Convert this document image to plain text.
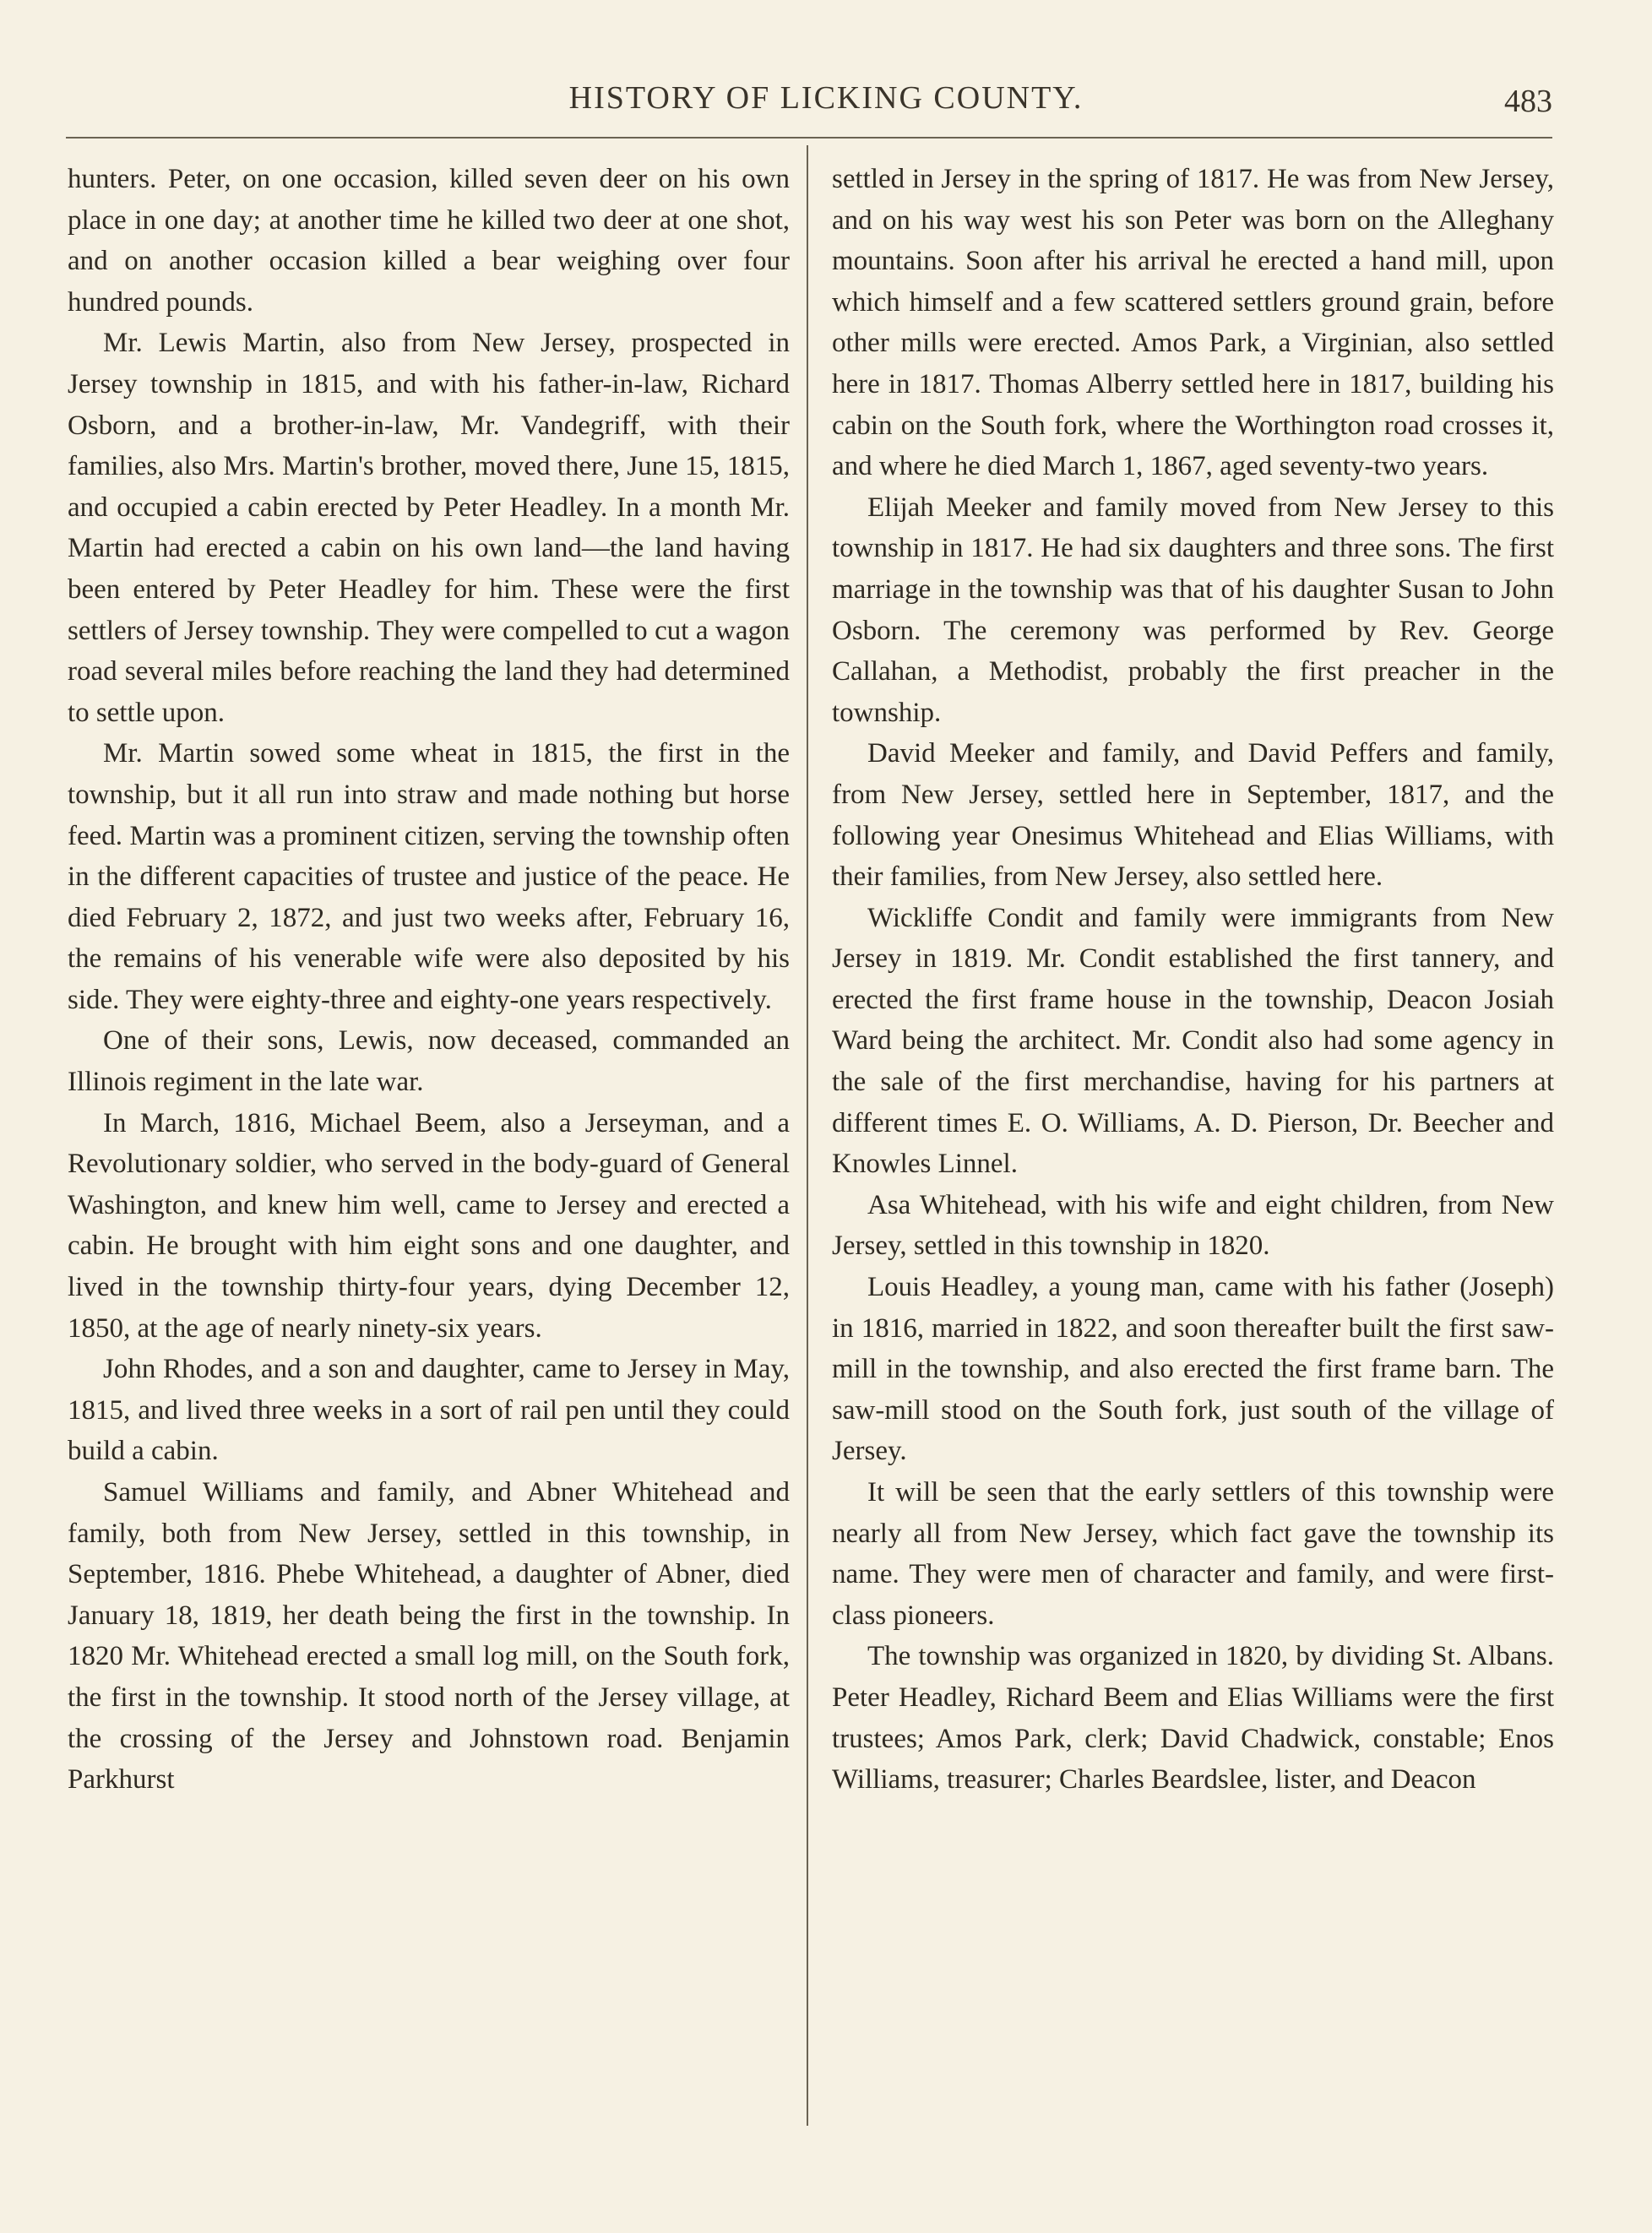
HISTORY OF LICKING COUNTY.	483

hunters. Peter, on one occasion, killed seven deer on his own place in one day; at another time he killed two deer at one shot, and on another occasion killed a bear weighing over four hundred pounds.

Mr. Lewis Martin, also from New Jersey, prospected in Jersey township in 1815, and with his father-in-law, Richard Osborn, and a brother-in-law, Mr. Vandegriff, with their families, also Mrs. Martin's brother, moved there, June 15, 1815, and occupied a cabin erected by Peter Headley. In a month Mr. Martin had erected a cabin on his own land—the land having been entered by Peter Headley for him. These were the first settlers of Jersey township. They were compelled to cut a wagon road several miles before reaching the land they had determined to settle upon.

Mr. Martin sowed some wheat in 1815, the first in the township, but it all run into straw and made nothing but horse feed. Martin was a prominent citizen, serving the township often in the different capacities of trustee and justice of the peace. He died February 2, 1872, and just two weeks after, February 16, the remains of his venerable wife were also deposited by his side. They were eighty-three and eighty-one years respectively.

One of their sons, Lewis, now deceased, commanded an Illinois regiment in the late war.

In March, 1816, Michael Beem, also a Jerseyman, and a Revolutionary soldier, who served in the body-guard of General Washington, and knew him well, came to Jersey and erected a cabin. He brought with him eight sons and one daughter, and lived in the township thirty-four years, dying December 12, 1850, at the age of nearly ninety-six years.

John Rhodes, and a son and daughter, came to Jersey in May, 1815, and lived three weeks in a sort of rail pen until they could build a cabin.

Samuel Williams and family, and Abner Whitehead and family, both from New Jersey, settled in this township, in September, 1816. Phebe Whitehead, a daughter of Abner, died January 18, 1819, her death being the first in the township. In 1820 Mr. Whitehead erected a small log mill, on the South fork, the first in the township. It stood north of the Jersey village, at the crossing of the Jersey and Johnstown road. Benjamin Parkhurst

settled in Jersey in the spring of 1817. He was from New Jersey, and on his way west his son Peter was born on the Alleghany mountains. Soon after his arrival he erected a hand mill, upon which himself and a few scattered settlers ground grain, before other mills were erected. Amos Park, a Virginian, also settled here in 1817. Thomas Alberry settled here in 1817, building his cabin on the South fork, where the Worthington road crosses it, and where he died March 1, 1867, aged seventy-two years.

Elijah Meeker and family moved from New Jersey to this township in 1817. He had six daughters and three sons. The first marriage in the township was that of his daughter Susan to John Osborn. The ceremony was performed by Rev. George Callahan, a Methodist, probably the first preacher in the township.

David Meeker and family, and David Peffers and family, from New Jersey, settled here in September, 1817, and the following year Onesimus Whitehead and Elias Williams, with their families, from New Jersey, also settled here.

Wickliffe Condit and family were immigrants from New Jersey in 1819. Mr. Condit established the first tannery, and erected the first frame house in the township, Deacon Josiah Ward being the architect. Mr. Condit also had some agency in the sale of the first merchandise, having for his partners at different times E. O. Williams, A. D. Pierson, Dr. Beecher and Knowles Linnel.

Asa Whitehead, with his wife and eight children, from New Jersey, settled in this township in 1820.

Louis Headley, a young man, came with his father (Joseph) in 1816, married in 1822, and soon thereafter built the first saw-mill in the township, and also erected the first frame barn. The saw-mill stood on the South fork, just south of the village of Jersey.

It will be seen that the early settlers of this township were nearly all from New Jersey, which fact gave the township its name. They were men of character and family, and were first-class pioneers.

The township was organized in 1820, by dividing St. Albans. Peter Headley, Richard Beem and Elias Williams were the first trustees; Amos Park, clerk; David Chadwick, constable; Enos Williams, treasurer; Charles Beardslee, lister, and Deacon
